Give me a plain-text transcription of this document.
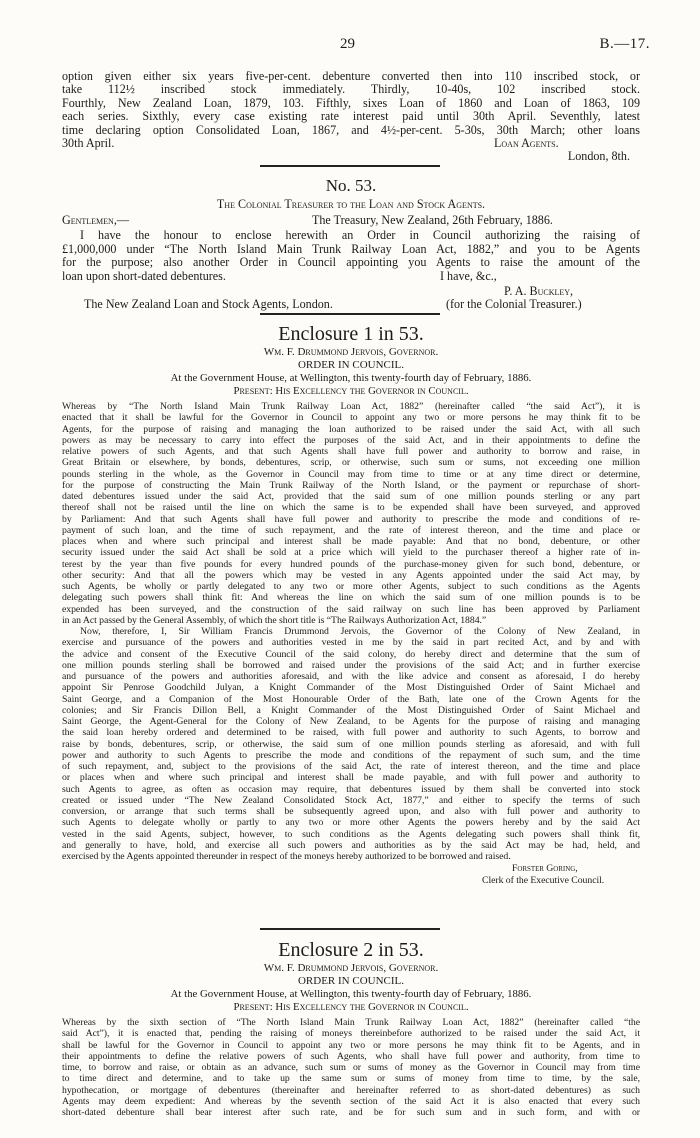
29	B.—17.

option given either six years five-per-cent. debenture converted then into 110 inscribed stock, or

take 112½ inscribed stock immediately. Thirdly, 10-40s, 102 inscribed stock.

Fourthly, New Zealand Loan, 1879, 103. Fifthly, sixes Loan of 1860 and Loan of 1863, 109

each series. Sixthly, every case existing rate interest paid until 30th April. Seventhly, latest

time declaring option Consolidated Loan, 1867, and 4½-per-cent. 5-30s, 30th March; other loans

30th April.	Loan Agents.

London, 8th.

No. 53.

The Colonial Treasurer to the Loan and Stock Agents.

Gentlemen,—	The Treasury, New Zealand, 26th February, 1886.

I have the honour to enclose herewith an Order in Council authorizing the raising of

£1,000,000 under “The North Island Main Trunk Railway Loan Act, 1882,” and you to be Agents

for the purpose; also another Order in Council appointing you Agents to raise the amount of the

loan upon short-dated debentures.	I have, &c.,

P. A. Buckley,

The New Zealand Loan and Stock Agents, London.	(for the Colonial Treasurer.)

Enclosure 1 in 53.

Wm. F. Drummond Jervois, Governor.

ORDER IN COUNCIL.

At the Government House, at Wellington, this twenty-fourth day of February, 1886.

Present: His Excellency the Governor in Council.

Whereas by “The North Island Main Trunk Railway Loan Act, 1882” (hereinafter called “the said Act”), it is

enacted that it shall be lawful for the Governor in Council to appoint any two or more persons he may think fit to be

Agents, for the purpose of raising and managing the loan authorized to be raised under the said Act, with all such

powers as may be necessary to carry into effect the purposes of the said Act, and in their appointments to define the

relative powers of such Agents, and that such Agents shall have full power and authority to borrow and raise, in

Great Britain or elsewhere, by bonds, debentures, scrip, or otherwise, such sum or sums, not exceeding one million

pounds sterling in the whole, as the Governor in Council may from time to time or at any time direct or determine,

for the purpose of constructing the Main Trunk Railway of the North Island, or the payment or repurchase of short-

dated debentures issued under the said Act, provided that the said sum of one million pounds sterling or any part

thereof shall not be raised until the line on which the same is to be expended shall have been surveyed, and approved

by Parliament: And that such Agents shall have full power and authority to prescribe the mode and conditions of re-

payment of such loan, and the time of such repayment, and the rate of interest thereon, and the time and place or

places when and where such principal and interest shall be made payable: And that no bond, debenture, or other

security issued under the said Act shall be sold at a price which will yield to the purchaser thereof a higher rate of in-

terest by the year than five pounds for every hundred pounds of the purchase-money given for such bond, debenture, or

other security: And that all the powers which may be vested in any Agents appointed under the said Act may, by

such Agents, be wholly or partly delegated to any two or more other Agents, subject to such conditions as the Agents

delegating such powers shall think fit: And whereas the line on which the said sum of one million pounds is to be

expended has been surveyed, and the construction of the said railway on such line has been approved by Parliament

in an Act passed by the General Assembly, of which the short title is “The Railways Authorization Act, 1884.”

Now, therefore, I, Sir William Francis Drummond Jervois, the Governor of the Colony of New Zealand, in

exercise and pursuance of the powers and authorities vested in me by the said in part recited Act, and by and with

the advice and consent of the Executive Council of the said colony, do hereby direct and determine that the sum of

one million pounds sterling shall be borrowed and raised under the provisions of the said Act; and in further exercise

and pursuance of the powers and authorities aforesaid, and with the like advice and consent as aforesaid, I do hereby

appoint Sir Penrose Goodchild Julyan, a Knight Commander of the Most Distinguished Order of Saint Michael and

Saint George, and a Companion of the Most Honourable Order of the Bath, late one of the Crown Agents for the

colonies; and Sir Francis Dillon Bell, a Knight Commander of the Most Distinguished Order of Saint Michael and

Saint George, the Agent-General for the Colony of New Zealand, to be Agents for the purpose of raising and managing

the said loan hereby ordered and determined to be raised, with full power and authority to such Agents, to borrow and

raise by bonds, debentures, scrip, or otherwise, the said sum of one million pounds sterling as aforesaid, and with full

power and authority to such Agents to prescribe the mode and conditions of the repayment of such sum, and the time

of such repayment, and, subject to the provisions of the said Act, the rate of interest thereon, and the time and place

or places when and where such principal and interest shall be made payable, and with full power and authority to

such Agents to agree, as often as occasion may require, that debentures issued by them shall be converted into stock

created or issued under “The New Zealand Consolidated Stock Act, 1877,” and either to specify the terms of such

conversion, or arrange that such terms shall be subsequently agreed upon, and also with full power and authority to

such Agents to delegate wholly or partly to any two or more other Agents the powers hereby and by the said Act

vested in the said Agents, subject, however, to such conditions as the Agents delegating such powers shall think fit,

and generally to have, hold, and exercise all such powers and authorities as by the said Act may be had, held, and

exercised by the Agents appointed thereunder in respect of the moneys hereby authorized to be borrowed and raised.

Forster Goring,

Clerk of the Executive Council.

Enclosure 2 in 53.

Wm. F. Drummond Jervois, Governor.

ORDER IN COUNCIL.

At the Government House, at Wellington, this twenty-fourth day of February, 1886.

Present: His Excellency the Governor in Council.

Whereas by the sixth section of “The North Island Main Trunk Railway Loan Act, 1882” (hereinafter called “the

said Act”), it is enacted that, pending the raising of moneys thereinbefore authorized to be raised under the said Act, it

shall be lawful for the Governor in Council to appoint any two or more persons he may think fit to be Agents, and in

their appointments to define the relative powers of such Agents, who shall have full power and authority, from time to

time, to borrow and raise, or obtain as an advance, such sum or sums of money as the Governor in Council may from time

to time direct and determine, and to take up the same sum or sums of money from time to time, by the sale,

hypothecation, or mortgage of debentures (thereinafter and hereinafter referred to as short-dated debentures) as such

Agents may deem expedient: And whereas by the seventh section of the said Act it is also enacted that every such

short-dated debenture shall bear interest after such rate, and be for such sum and in such form, and with or
